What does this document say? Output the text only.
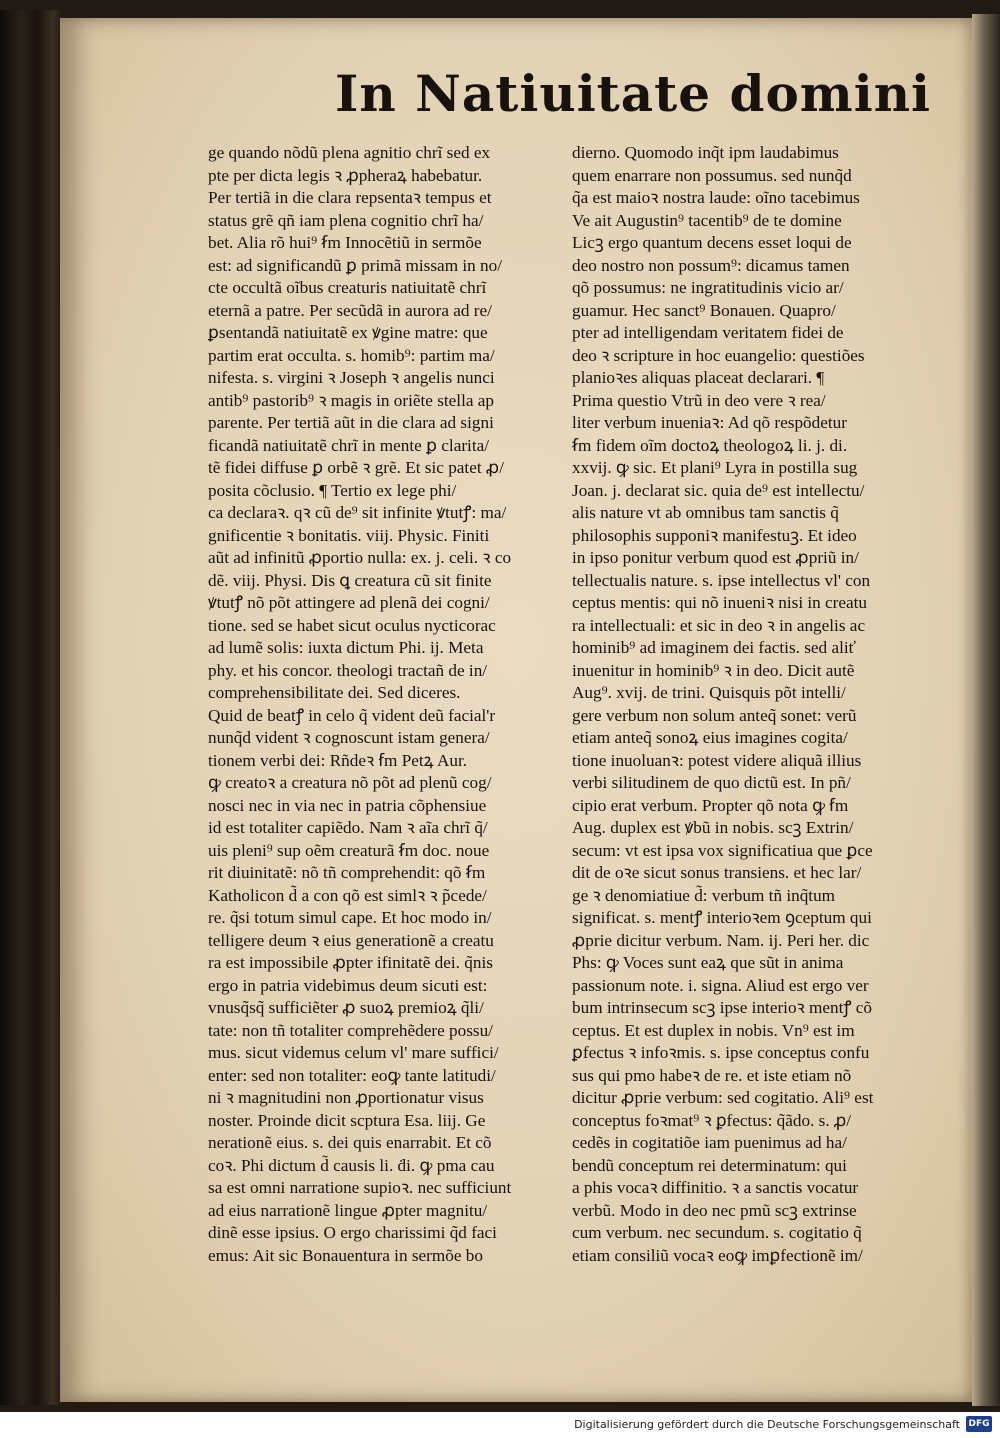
In Natiuitate domini
ge quando nõdũ plena agnitio chrĩ sed ex
pte per dicta legis ꝛ ꝓpheraꝝ habebatur.
Per tertiã in die clara repsentaꝛ tempus et
status grẽ qñ iam plena cognitio chrĩ ha/
bet. Alia rõ hui⁹ ẜm Innocẽtiũ in sermõe
est: ad significandũ ꝑ primã missam in no/
cte occultã oĩbus creaturis natiuitatẽ chrĩ
eternã a patre. Per secũdã in aurora ad re/
ꝑsentandã natiuitatẽ ex ꝟgine matre: que
partim erat occulta. s. homib⁹: partim ma/
nifesta. s. virgini ꝛ Joseph ꝛ angelis nunci
antib⁹ pastorib⁹ ꝛ magis in oriẽte stella ap
parente. Per tertiã aũt in die clara ad signi
ficandã natiuitatẽ chrĩ in mente ꝑ clarita/
tẽ fidei diffuse ꝑ orbẽ ꝛ grẽ. Et sic patet ꝓ/
posita cõclusio. ¶ Tertio ex lege phi/
ca declaraꝛ. qꝛ cũ de⁹ sit infinite ꝟtutꝭ: ma/
gnificentie ꝛ bonitatis. viij. Physic. Finiti
aũt ad infinitũ ꝓportio nulla: ex. j. celi. ꝛ co
dẽ. viij. Physi. Dis ꝗ creatura cũ sit finite
ꝟtutꝭ nõ põt attingere ad plenã dei cogni/
tione. sed se habet sicut oculus nycticorac
ad lumẽ solis: iuxta dictum Phi. ij. Meta
phy. et his concor. theologi tractañ de in/
comprehensibilitate dei. Sed diceres.
Quid de beatꝭ in celo q̃ vident deũ facial'r
nunq̃d vident ꝛ cognoscunt istam genera/
tionem verbi dei: Rñdeꝛ ẜm Petꝝ Aur.
ꝙ creatoꝛ a creatura nõ põt ad plenũ cog/
nosci nec in via nec in patria cõphensiue
id est totaliter capiẽdo. Nam ꝛ aĩa chrĩ q̃/
uis pleni⁹ sup oẽm creaturã ẜm doc. noue
rit diuinitatẽ: nõ tñ comprehendit: qõ ẜm
Katholicon d̃ a con qõ est simlꝛ ꝛ p̃cede/
re. q̃si totum simul cape. Et hoc modo in/
telligere deum ꝛ eius generationẽ a creatu
ra est impossibile ꝓpter ifinitatẽ dei. q̃nis
ergo in patria videbimus deum sicuti est:
vnusq̃sq̃ sufficiẽter ꝓ suoꝝ premioꝝ q̃li/
tate: non tñ totaliter comprehẽdere possu/
mus. sicut videmus celum vl' mare suffici/
enter: sed non totaliter: eoꝙ tante latitudi/
ni ꝛ magnitudini non ꝓportionatur visus
noster. Proinde dicit scptura Esa. liij. Ge
nerationẽ eius. s. dei quis enarrabit. Et cõ
coꝛ. Phi dictum d̃ causis li. ḋi. ꝙ pma cau
sa est omni narratione supioꝛ. nec sufficiunt
ad eius narrationẽ lingue ꝓpter magnitu/
dinẽ esse ipsius. O ergo charissimi q̃d faci
emus: Ait sic Bonauentura in sermõe bo
dierno. Quomodo inq̃t ipm laudabimus
quem enarrare non possumus. sed nunq̃d
q̃a est maioꝛ nostra laude: oĩno tacebimus
Ve ait Augustin⁹ tacentib⁹ de te domine
Licꝫ ergo quantum decens esset loqui de
deo nostro non possum⁹: dicamus tamen
qõ possumus: ne ingratitudinis vicio ar/
guamur. Hec sanct⁹ Bonauen. Quapro/
pter ad intelligendam veritatem fidei de
deo ꝛ scripture in hoc euangelio: questiões
planioꝛes aliquas placeat declarari. ¶
Prima questio Vtrũ in deo vere ꝛ rea/
liter verbum inueniaꝛ: Ad qõ respõdetur
ẜm fidem oĩm doctoꝝ theologoꝝ li. j. di.
xxvij. ꝙ sic. Et plani⁹ Lyra in postilla sug
Joan. j. declarat sic. quia de⁹ est intellectu/
alis nature vt ab omnibus tam sanctis q̃
philosophis supponiꝛ manifestuꝫ. Et ideo
in ipso ponitur verbum quod est ꝓpriũ in/
tellectualis nature. s. ipse intellectus vl' con
ceptus mentis: qui nõ inueniꝛ nisi in creatu
ra intellectuali: et sic in deo ꝛ in angelis ac
hominib⁹ ad imaginem dei factis. sed aliť
inuenitur in hominib⁹ ꝛ in deo. Dicit autẽ
Aug⁹. xvij. de trini. Quisquis põt intelli/
gere verbum non solum anteq̃ sonet: verũ
etiam anteq̃ sonoꝝ eius imagines cogita/
tione inuoluanꝛ: potest videre aliquã illius
verbi silitudinem de quo dictũ est. In pñ/
cipio erat verbum. Propter qõ nota ꝙ ẜm
Aug. duplex est ꝟbũ in nobis. scꝫ Extrin/
secum: vt est ipsa vox significatiua que ꝑce
dit de oꝛe sicut sonus transiens. et hec lar/
ge ꝛ denomiatiue d̃: verbum tñ inq̃tum
significat. s. mentꝭ interioꝛem ꝯceptum qui
ꝓprie dicitur verbum. Nam. ij. Peri her. dic
Phs: ꝙ Voces sunt eaꝝ que sũt in anima
passionum note. i. signa. Aliud est ergo ver
bum intrinsecum scꝫ ipse interioꝛ mentꝭ cõ
ceptus. Et est duplex in nobis. Vn⁹ est im
ꝑfectus ꝛ infoꝛmis. s. ipse conceptus confu
sus qui pmo habeꝛ de re. et iste etiam nõ
dicitur ꝓprie verbum: sed cogitatio. Ali⁹ est
conceptus foꝛmat⁹ ꝛ ꝑfectus: q̃ãdo. s. ꝓ/
cedẽs in cogitatiõe iam puenimus ad ha/
bendũ conceptum rei determinatum: qui
a phis vocaꝛ diffinitio. ꝛ a sanctis vocatur
verbũ. Modo in deo nec pmũ scꝫ extrinse
cum verbum. nec secundum. s. cogitatio q̃
etiam consiliũ vocaꝛ eoꝙ imꝑfectionẽ im/
Digitalisierung gefördert durch die Deutsche Forschungsgemeinschaft DFG
